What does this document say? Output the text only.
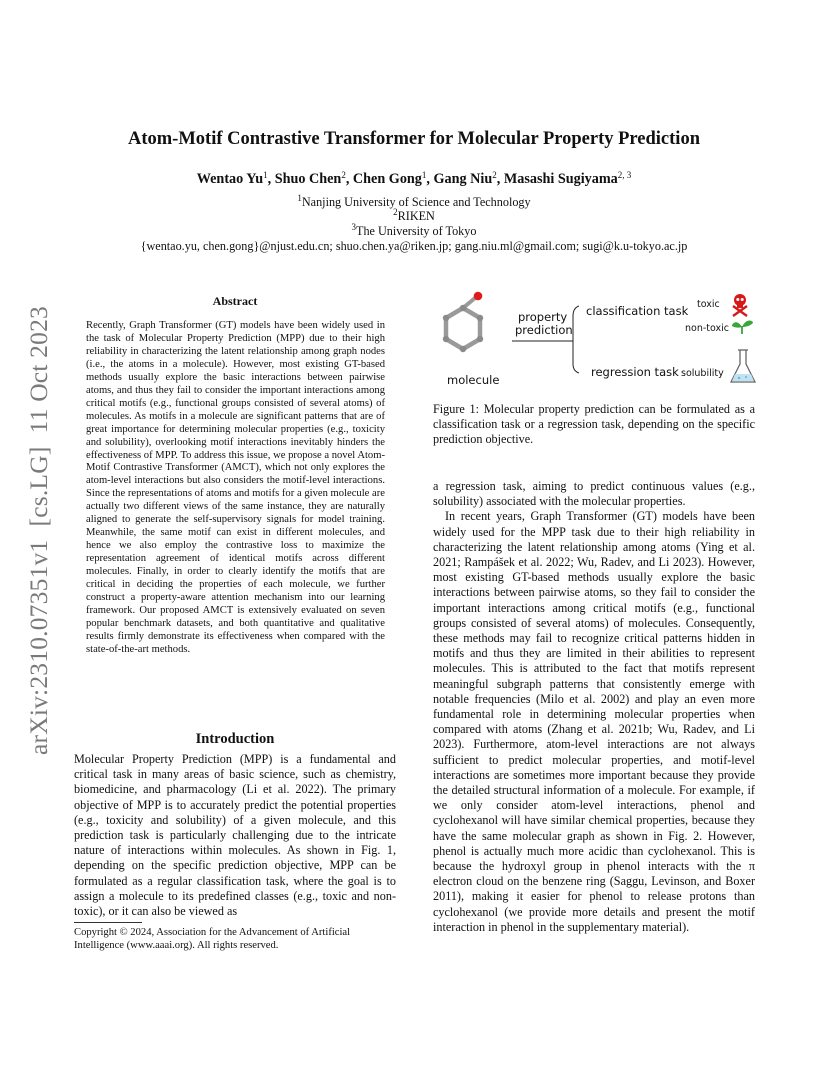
arXiv:2310.07351v1  [cs.LG]  11 Oct 2023
Atom-Motif Contrastive Transformer for Molecular Property Prediction
Wentao Yu$^1$, Shuo Chen$^2$, Chen Gong$^1$, Gang Niu$^2$, Masashi Sugiyama$^{2, 3}$
$^1$Nanjing University of Science and Technology
$^2$RIKEN
$^3$The University of Tokyo
{wentao.yu, chen.gong}@njust.edu.cn; shuo.chen.ya@riken.jp; gang.niu.ml@gmail.com; sugi@k.u-tokyo.ac.jp
Abstract
Recently, Graph Transformer (GT) models have been widely used in the task of Molecular Property Prediction (MPP) due to their high reliability in characterizing the latent relationship among graph nodes (i.e., the atoms in a molecule). However, most existing GT-based methods usually explore the basic interactions between pairwise atoms, and thus they fail to consider the important interactions among critical motifs (e.g., functional groups consisted of several atoms) of molecules. As motifs in a molecule are significant patterns that are of great importance for determining molecular properties (e.g., toxicity and solubility), overlooking motif interactions inevitably hinders the effectiveness of MPP. To address this issue, we propose a novel Atom-Motif Contrastive Transformer (AMCT), which not only explores the atom-level interactions but also considers the motif-level interactions. Since the representations of atoms and motifs for a given molecule are actually two different views of the same instance, they are naturally aligned to generate the self-supervisory signals for model training. Meanwhile, the same motif can exist in different molecules, and hence we also employ the contrastive loss to maximize the representation agreement of identical motifs across different molecules. Finally, in order to clearly identify the motifs that are critical in deciding the properties of each molecule, we further construct a property-aware attention mechanism into our learning framework. Our proposed AMCT is extensively evaluated on seven popular benchmark datasets, and both quantitative and qualitative results firmly demonstrate its effectiveness when compared with the state-of-the-art methods.
Introduction
Molecular Property Prediction (MPP) is a fundamental and critical task in many areas of basic science, such as chemistry, biomedicine, and pharmacology (Li et al. 2022). The primary objective of MPP is to accurately predict the potential properties (e.g., toxicity and solubility) of a given molecule, and this prediction task is particularly challenging due to the intricate nature of interactions within molecules. As shown in Fig. 1, depending on the specific prediction objective, MPP can be formulated as a regular classification task, where the goal is to assign a molecule to its predefined classes (e.g., toxic and non-toxic), or it can also be viewed as
Copyright © 2024, Association for the Advancement of Artificial Intelligence (www.aaai.org). All rights reserved.
molecule
property
prediction
classification task
regression task
toxic
non-toxic
solubility
Figure 1: Molecular property prediction can be formulated as a classification task or a regression task, depending on the specific prediction objective.

a regression task, aiming to predict continuous values (e.g., solubility) associated with the molecular properties.

In recent years, Graph Transformer (GT) models have been widely used for the MPP task due to their high reliability in characterizing the latent relationship among atoms (Ying et al. 2021; Rampášek et al. 2022; Wu, Radev, and Li 2023). However, most existing GT-based methods usually explore the basic interactions between pairwise atoms, so they fail to consider the important interactions among critical motifs (e.g., functional groups consisted of several atoms) of molecules. Consequently, these methods may fail to recognize critical patterns hidden in motifs and thus they are limited in their abilities to represent molecules. This is attributed to the fact that motifs represent meaningful subgraph patterns that consistently emerge with notable frequencies (Milo et al. 2002) and play an even more fundamental role in determining molecular properties when compared with atoms (Zhang et al. 2021b; Wu, Radev, and Li 2023). Furthermore, atom-level interactions are not always sufficient to predict molecular properties, and motif-level interactions are sometimes more important because they provide the detailed structural information of a molecule. For example, if we only consider atom-level interactions, phenol and cyclohexanol will have similar chemical properties, because they have the same molecular graph as shown in Fig. 2. However, phenol is actually much more acidic than cyclohexanol. This is because the hydroxyl group in phenol interacts with the π electron cloud on the benzene ring (Saggu, Levinson, and Boxer 2011), making it easier for phenol to release protons than cyclohexanol (we provide more details and present the motif interaction in phenol in the supplementary material).
